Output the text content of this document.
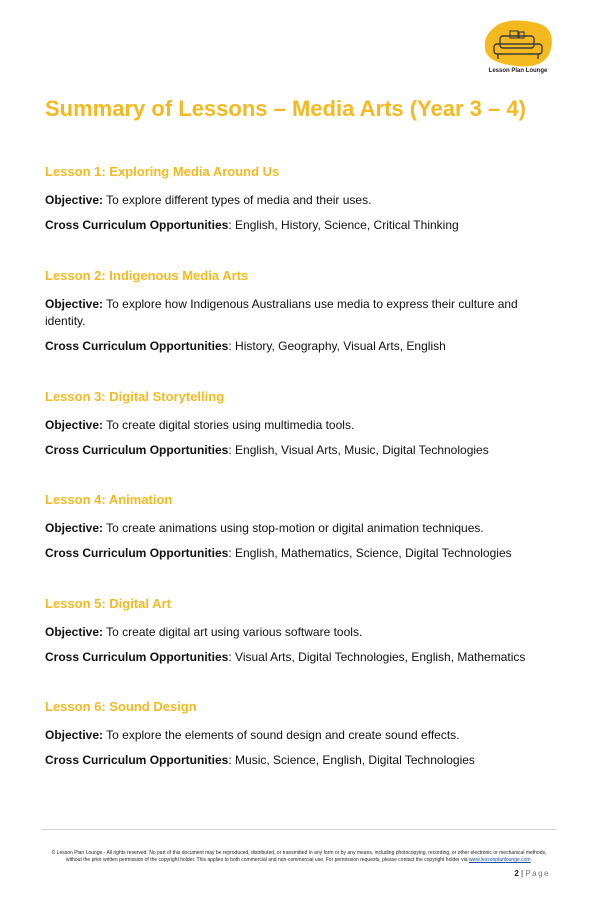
Lesson Plan Lounge
Summary of Lessons – Media Arts (Year 3 – 4)
Lesson 1: Exploring Media Around Us
Objective: To explore different types of media and their uses.
Cross Curriculum Opportunities: English, History, Science, Critical Thinking
Lesson 2: Indigenous Media Arts
Objective: To explore how Indigenous Australians use media to express their culture and identity.
Cross Curriculum Opportunities: History, Geography, Visual Arts, English
Lesson 3: Digital Storytelling
Objective: To create digital stories using multimedia tools.
Cross Curriculum Opportunities: English, Visual Arts, Music, Digital Technologies
Lesson 4: Animation
Objective: To create animations using stop-motion or digital animation techniques.
Cross Curriculum Opportunities: English, Mathematics, Science, Digital Technologies
Lesson 5: Digital Art
Objective: To create digital art using various software tools.
Cross Curriculum Opportunities: Visual Arts, Digital Technologies, English, Mathematics
Lesson 6: Sound Design
Objective: To explore the elements of sound design and create sound effects.
Cross Curriculum Opportunities: Music, Science, English, Digital Technologies
© Lesson Plan Lounge - All rights reserved. No part of this document may be reproduced, distributed, or transmitted in any form or by any means, including photocopying, recording, or other electronic or mechanical methods, without the prior written permission of the copyright holder. This applies to both commercial and non-commercial use. For permission requests, please contact the copyright holder via www.lessonplanlounge.com.
2 | Page
